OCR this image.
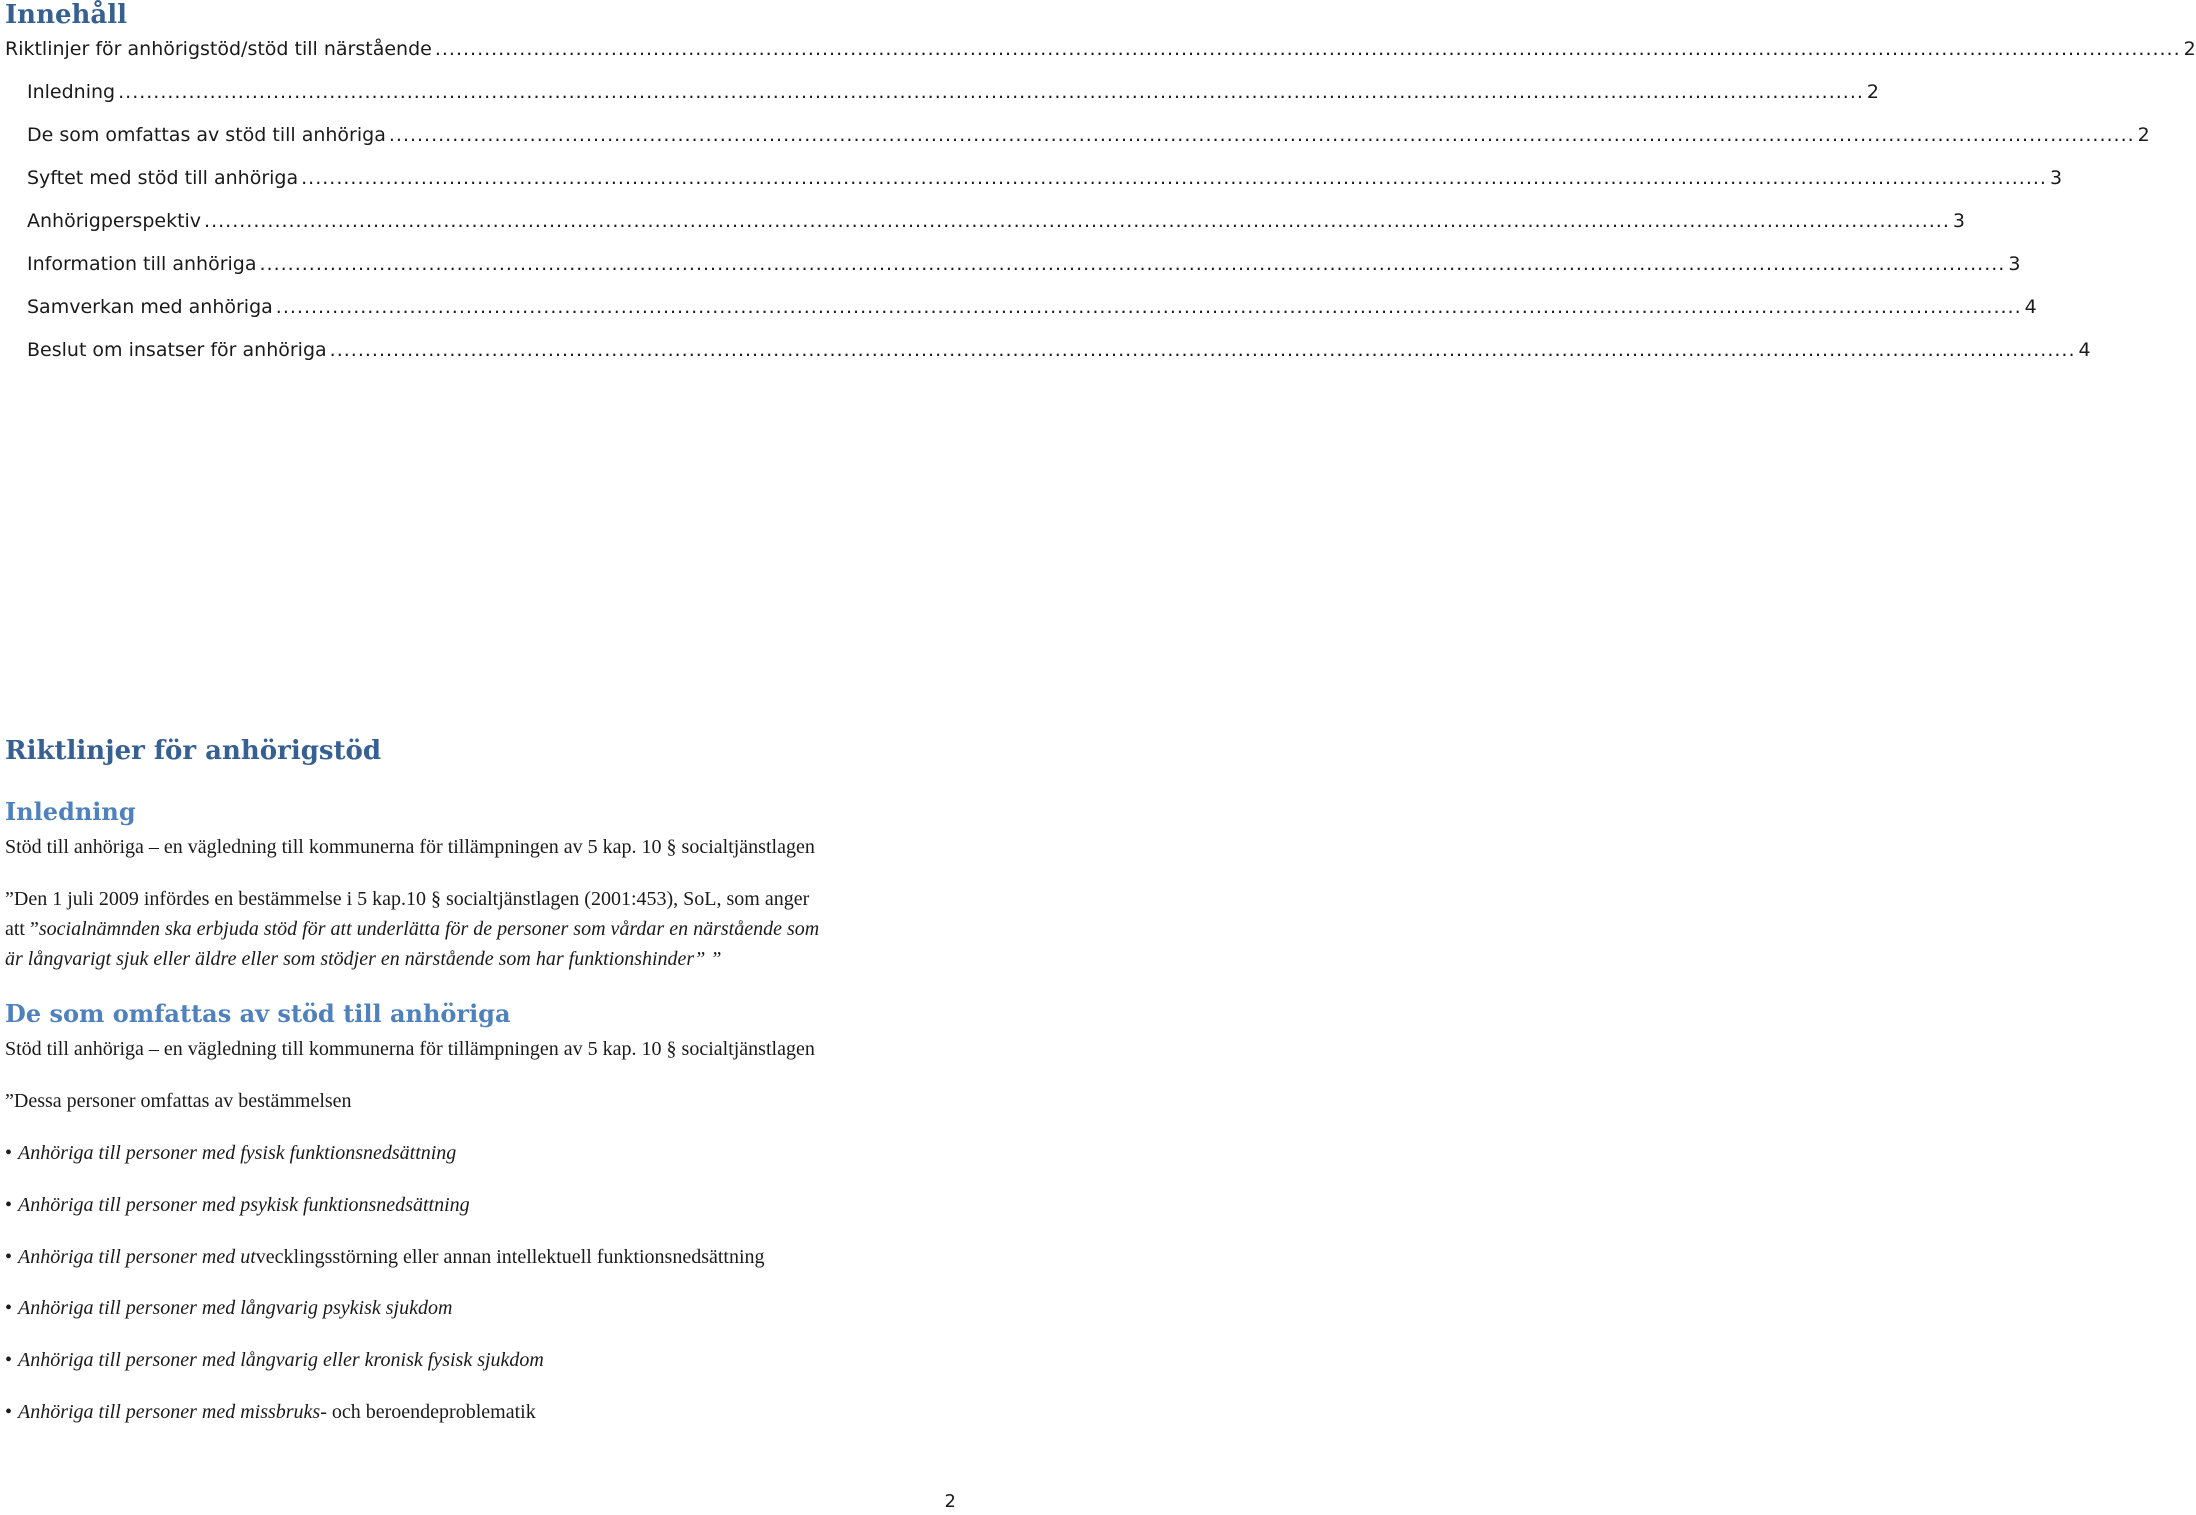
Innehåll
Riktlinjer för anhörigstöd/stöd till närstående ........................................................................................................................................................................................................................................................ 2
Inledning ........................................................................................................................................................................................................................................................ 2
De som omfattas av stöd till anhöriga ........................................................................................................................................................................................................................................................ 2
Syftet med stöd till anhöriga ........................................................................................................................................................................................................................................................ 3
Anhörigperspektiv ........................................................................................................................................................................................................................................................ 3
Information till anhöriga ........................................................................................................................................................................................................................................................ 3
Samverkan med anhöriga ........................................................................................................................................................................................................................................................ 4
Beslut om insatser för anhöriga ........................................................................................................................................................................................................................................................ 4
Riktlinjer för anhörigstöd
Inledning
Stöd till anhöriga – en vägledning till kommunerna för tillämpningen av 5 kap. 10 § socialtjänstlagen
”Den 1 juli 2009 infördes en bestämmelse i 5 kap.10 § socialtjänstlagen (2001:453), SoL, som anger
att ”socialnämnden ska erbjuda stöd för att underlätta för de personer som vårdar en närstående som
är långvarigt sjuk eller äldre eller som stödjer en närstående som har funktionshinder” ”
De som omfattas av stöd till anhöriga
Stöd till anhöriga – en vägledning till kommunerna för tillämpningen av 5 kap. 10 § socialtjänstlagen
”Dessa personer omfattas av bestämmelsen
• Anhöriga till personer med fysisk funktionsnedsättning
• Anhöriga till personer med psykisk funktionsnedsättning
• Anhöriga till personer med utvecklingsstörning eller annan intellektuell funktionsnedsättning
• Anhöriga till personer med långvarig psykisk sjukdom
• Anhöriga till personer med långvarig eller kronisk fysisk sjukdom
• Anhöriga till personer med missbruks- och beroendeproblematik
2
